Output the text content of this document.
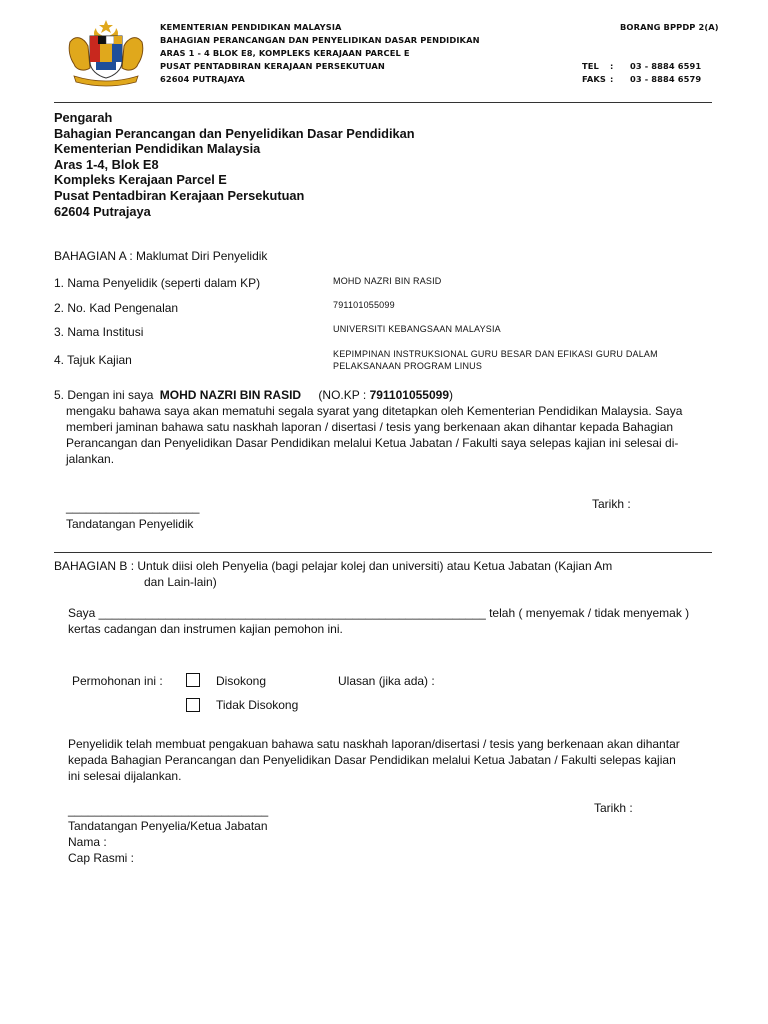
KEMENTERIAN PENDIDIKAN MALAYSIA
BAHAGIAN PERANCANGAN DAN PENYELIDIKAN DASAR PENDIDIKAN
ARAS 1 - 4 BLOK E8, KOMPLEKS KERAJAAN PARCEL E
PUSAT PENTADBIRAN KERAJAAN PERSEKUTUAN
62604 PUTRAJAYA
BORANG BPPDP 2(A)
TEL : 03 - 8884 6591
FAKS : 03 - 8884 6579
Pengarah
Bahagian Perancangan dan Penyelidikan Dasar Pendidikan
Kementerian Pendidikan Malaysia
Aras 1-4, Blok E8
Kompleks Kerajaan Parcel E
Pusat Pentadbiran Kerajaan Persekutuan
62604 Putrajaya
BAHAGIAN A : Maklumat Diri Penyelidik
1. Nama Penyelidik (seperti dalam KP)	MOHD NAZRI BIN RASID
2. No. Kad Pengenalan	791101055099
3. Nama Institusi	UNIVERSITI KEBANGSAAN MALAYSIA
4. Tajuk Kajian	KEPIMPINAN INSTRUKSIONAL GURU BESAR DAN EFIKASI GURU DALAM
PELAKSANAAN PROGRAM LINUS
5. Dengan ini saya MOHD NAZRI BIN RASID (NO.KP : 791101055099)
mengaku bahawa saya akan mematuhi segala syarat yang ditetapkan oleh Kementerian Pendidikan Malaysia. Saya
memberi jaminan bahawa satu naskhah laporan / disertasi / tesis yang berkenaan akan dihantar kepada Bahagian
Perancangan dan Penyelidikan Dasar Pendidikan melalui Ketua Jabatan / Fakulti saya selepas kajian ini selesai di-
jalankan.
____________________
Tandatangan Penyelidik
Tarikh :
BAHAGIAN B : Untuk diisi oleh Penyelia (bagi pelajar kolej dan universiti) atau Ketua Jabatan (Kajian Am
dan Lain-lain)
Saya __________________________________________________________ telah ( menyemak / tidak menyemak )
kertas cadangan dan instrumen kajian pemohon ini.
Permohonan ini :	Disokong
Tidak Disokong
Ulasan (jika ada) :
Penyelidik telah membuat pengakuan bahawa satu naskhah laporan/disertasi / tesis yang berkenaan akan dihantar
kepada Bahagian Perancangan dan Penyelidikan Dasar Pendidikan melalui Ketua Jabatan / Fakulti selepas kajian
ini selesai dijalankan.
______________________________
Tandatangan Penyelia/Ketua Jabatan
Nama :
Cap Rasmi :
Tarikh :
